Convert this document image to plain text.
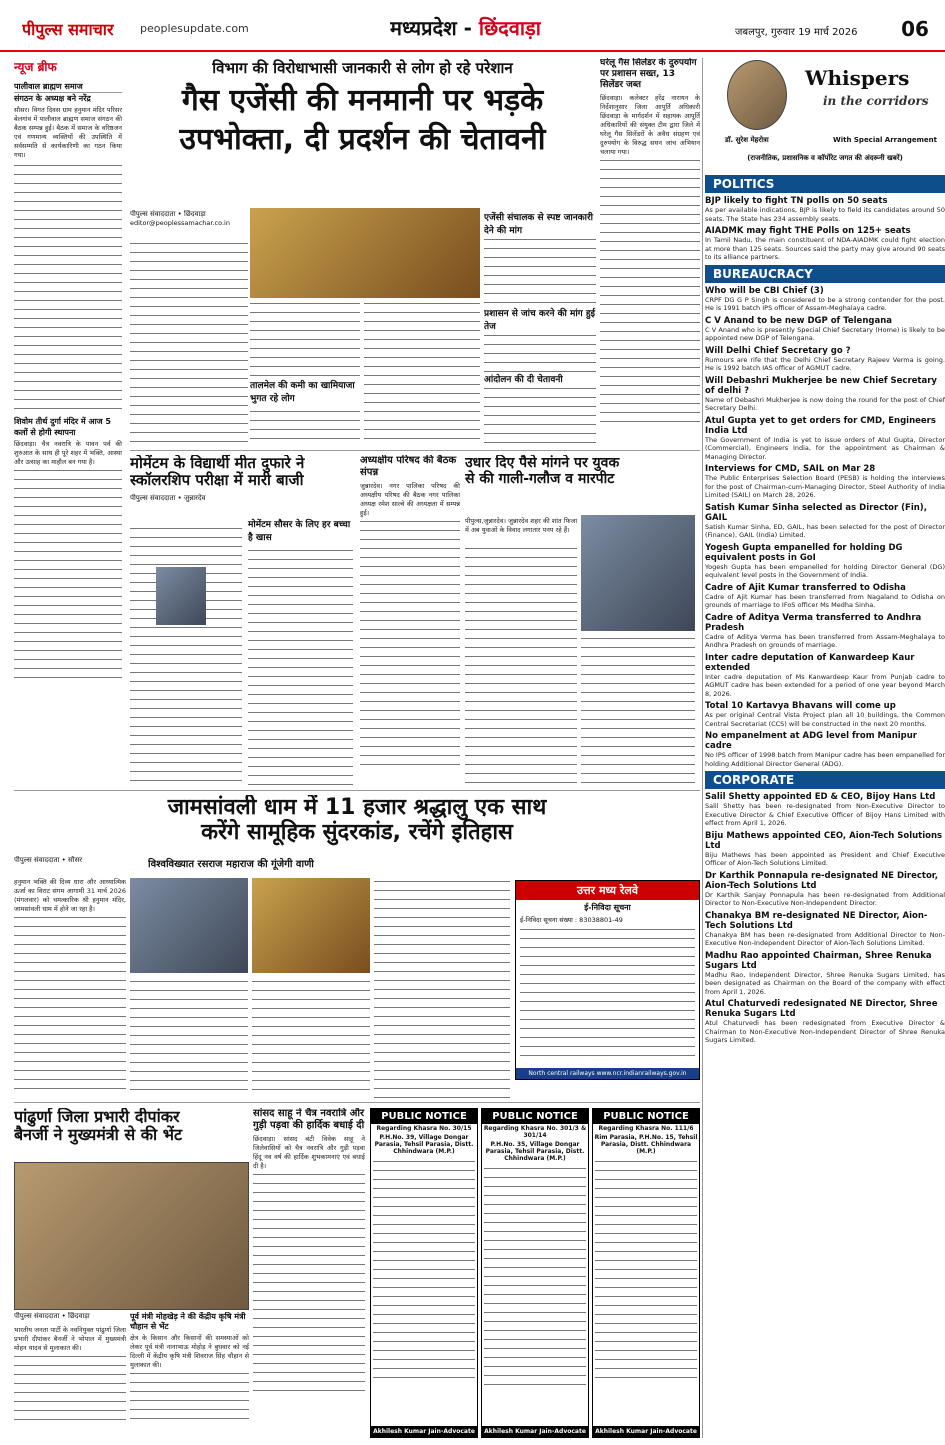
पीपुल्स समाचार peoplesupdate.com	मध्यप्रदेश - छिंदवाड़ा	जबलपुर, गुरुवार 19 मार्च 2026	06
न्यूज ब्रीफ
पालीवाल ब्राह्मण समाज
संगठन के अध्यक्ष बने नरेंद्र
सौसर। विगत दिवस ग्राम हनुमान मंदिर परिसर बेलगांव में पालीवाल ब्राह्मण समाज संगठन की बैठक सम्पन्न हुई। बैठक में समाज के वरिष्ठजन एवं गणमान्य व्यक्तियों की उपस्थिति में सर्वसम्मति से कार्यकारिणी का गठन किया गया।
शिवोम तीर्थ दुर्गा मंदिर में आज 5 कलों से होगी स्थापना
छिंदवाड़ा। चैत्र नवरात्रि के पावन पर्व की शुरुआत के साथ ही पूरे शहर में भक्ति, आस्था और उत्साह का माहौल बन गया है।
विभाग की विरोधाभासी जानकारी से लोग हो रहे परेशान
गैस एजेंसी की मनमानी पर भड़के
उपभोक्ता, दी प्रदर्शन की चेतावनी
पीपुल्स संवाददाता • छिंदवाड़ा
editor@peoplessamachar.co.in
तालमेल की कमी का खामियाजा भुगत रहे लोग
एजेंसी संचालक से स्पष्ट जानकारी देने की मांग
प्रशासन से जांच करने की मांग हुई तेज
आंदोलन की दी चेतावनी
घरेलू गैस सिलेंडर के दुरुपयोग पर प्रशासन सख्त, 13 सिलेंडर जब्त
छिंदवाड़ा। कलेक्टर हरेंद्र नारायन के निर्देशानुसार जिला आपूर्ति अधिकारी छिंदवाड़ा के मार्गदर्शन में सहायक आपूर्ति अधिकारियों की संयुक्त टीम द्वारा जिले में घरेलू गैस सिलेंडरों के अवैध संग्रहण एवं दुरुपयोग के विरुद्ध सघन जांच अभियान चलाया गया।
मोमेंटम के विद्यार्थी मीत दुफारे ने
स्कॉलरशिप परीक्षा में मारी बाजी
पीपुल्स संवाददाता • जुन्नारदेव
मोमेंटम सौसर के लिए हर बच्चा है खास
अध्यक्षीय परिषद की बैठक संपन्न
जुन्नारदेव। नगर पालिका परिषद की अध्यक्षीय परिषद की बैठक नगर पालिका अध्यक्ष रमेश साल्वे की अध्यक्षता में सम्पन्न हुई।
उधार दिए पैसे मांगने पर युवक
से की गाली-गलौज व मारपीट
पीपुल्स,जुन्नारदेव। जुन्नारदेव शहर की शांत फिजा में अब युवाओं के विवाद लगातार पनप रहे हैं।
जामसांवली धाम में 11 हजार श्रद्धालु एक साथ
करेंगे सामूहिक सुंदरकांड, रचेंगे इतिहास
पीपुल्स संवाददाता • सौसर	विश्वविख्यात रसराज महाराज की गूंजेगी वाणी
हनुमान भक्ति की दिव्य धारा और आध्यात्मिक ऊर्जा का विराट संगम आगामी 31 मार्च 2026 (मंगलवार) को चमत्कारिक श्री हनुमान मंदिर, जामसांवली धाम में होने जा रहा है।
उत्तर मध्य रेलवे
ई-निविदा सूचना
ई-निविदा सूचना संख्या : 83038801-49
North central railways www.ncr.indianrailways.gov.in
पांढुर्णा जिला प्रभारी दीपांकर
बैनर्जी ने मुख्यमंत्री से की भेंट
पीपुल्स संवाददाता • छिंदवाड़ा
भारतीय जनता पार्टी के नवनियुक्त पांढुर्णा जिला प्रभारी दीपांकर बैनर्जी ने भोपाल में मुख्यमंत्री मोहन यादव से मुलाकात की।
पूर्व मंत्री मोहखेड़ ने की केंद्रीय कृषि मंत्री चौहान से भेंट
क्षेत्र के किसान और किसानों की समस्याओं को लेकर पूर्व मंत्री नानाभाऊ मोहोड़ ने बुधवार को नई दिल्ली में केंद्रीय कृषि मंत्री शिवराज सिंह चौहान से मुलाकात की।
सांसद साहू ने चैत्र नवरात्रि और गुड़ी पड़वा की हार्दिक बधाई दी
छिंदवाड़ा। सांसद बंटी विवेक साहू ने जिलेवासियों को चैत्र नवरात्रि और गुड़ी पड़वा हिंदू नव वर्ष की हार्दिक शुभकामनाएं एवं बधाई दी है।
PUBLIC NOTICE
Regarding Khasra No. 30/15
P.H.No. 39, Village Dongar Parasia, Tehsil Parasia, Distt. Chhindwara (M.P.)
Akhilesh Kumar Jain-Advocate
PUBLIC NOTICE
Regarding Khasra No. 301/3 & 301/14
P.H.No. 35, Village Dongar Parasia, Tehsil Parasia, Distt. Chhindwara (M.P.)
Akhilesh Kumar Jain-Advocate
PUBLIC NOTICE
Regarding Khasra No. 111/6
Rim Parasia, P.H.No. 15, Tehsil Parasia, Distt. Chhindwara (M.P.)
Akhilesh Kumar Jain-Advocate
Whispers
in the corridors
डॉ. सुरेश मेहरोत्रा	With Special Arrangement
(राजनीतिक, प्रशासनिक व कॉर्पोरेट जगत की अंदरूनी खबरें)
POLITICS
BJP likely to fight TN polls on 50 seats
As per available indications, BJP is likely to field its candidates around 50 seats. The State has 234 assembly seats.
AIADMK may fight THE Polls on 125+ seats
In Tamil Nadu, the main constituent of NDA-AIADMK could fight election at more than 125 seats. Sources said the party may give around 90 seats to its alliance partners.
BUREAUCRACY
Who will be CBI Chief (3)
CRPF DG G P Singh is considered to be a strong contender for the post. He is 1991 batch IPS officer of Assam-Meghalaya cadre.
C V Anand to be new DGP of Telengana
C V Anand who is presently Special Chief Secretary (Home) is likely to be appointed new DGP of Telengana.
Will Delhi Chief Secretary go ?
Rumours are rife that the Delhi Chief Secretary Rajeev Verma is going. He is 1992 batch IAS officer of AGMUT cadre.
Will Debashri Mukherjee be new Chief Secretary of delhi ?
Name of Debashri Mukherjee is now doing the round for the post of Chief Secretary Delhi.
Atul Gupta yet to get orders for CMD, Engineers India Ltd
The Government of India is yet to issue orders of Atul Gupta, Director (Commercial), Engineers India, for the appointment as Chairman & Managing Director.
Interviews for CMD, SAIL on Mar 28
The Public Enterprises Selection Board (PESB) is holding the interviews for the post of Chairman-cum-Managing Director, Steel Authority of India Limited (SAIL) on March 28, 2026.
Satish Kumar Sinha selected as Director (Fin), GAIL
Satish Kumar Sinha, ED, GAIL, has been selected for the post of Director (Finance), GAIL (India) Limited.
Yogesh Gupta empanelled for holding DG equivalent posts in GoI
Yogesh Gupta has been empanelled for holding Director General (DG) equivalent level posts in the Government of India.
Cadre of Ajit Kumar transferred to Odisha
Cadre of Ajit Kumar has been transferred from Nagaland to Odisha on grounds of marriage to IFoS officer Ms Medha Sinha.
Cadre of Aditya Verma transferred to Andhra Pradesh
Cadre of Aditya Verma has been transferred from Assam-Meghalaya to Andhra Pradesh on grounds of marriage.
Inter cadre deputation of Kanwardeep Kaur extended
Inter cadre deputation of Ms Kanwardeep Kaur from Punjab cadre to AGMUT cadre has been extended for a period of one year beyond March 8, 2026.
Total 10 Kartavya Bhavans will come up
As per original Central Vista Project plan all 10 buildings, the Common Central Secretariat (CCS) will be constructed in the next 20 months.
No empanelment at ADG level from Manipur cadre
No IPS officer of 1998 batch from Manipur cadre has been empanelled for holding Additional Director General (ADG).
CORPORATE
Salil Shetty appointed ED & CEO, Bijoy Hans Ltd
Salil Shetty has been re-designated from Non-Executive Director to Executive Director & Chief Executive Officer of Bijoy Hans Limited with effect from April 1, 2026.
Biju Mathews appointed CEO, Aion-Tech Solutions Ltd
Biju Mathews has been appointed as President and Chief Executive Officer of Aion-Tech Solutions Limited.
Dr Karthik Ponnapula re-designated NE Director, Aion-Tech Solutions Ltd
Dr Karthik Sanjay Ponnapula has been re-designated from Additional Director to Non-Executive Non-Independent Director.
Chanakya BM re-designated NE Director, Aion-Tech Solutions Ltd
Chanakya BM has been re-designated from Additional Director to Non-Executive Non-Independent Director of Aion-Tech Solutions Limited.
Madhu Rao appointed Chairman, Shree Renuka Sugars Ltd
Madhu Rao, Independent Director, Shree Renuka Sugars Limited, has been designated as Chairman on the Board of the company with effect from April 1, 2026.
Atul Chaturvedi redesignated NE Director, Shree Renuka Sugars Ltd
Atul Chaturvedi has been redesignated from Executive Director & Chairman to Non-Executive Non-Independent Director of Shree Renuka Sugars Limited.
